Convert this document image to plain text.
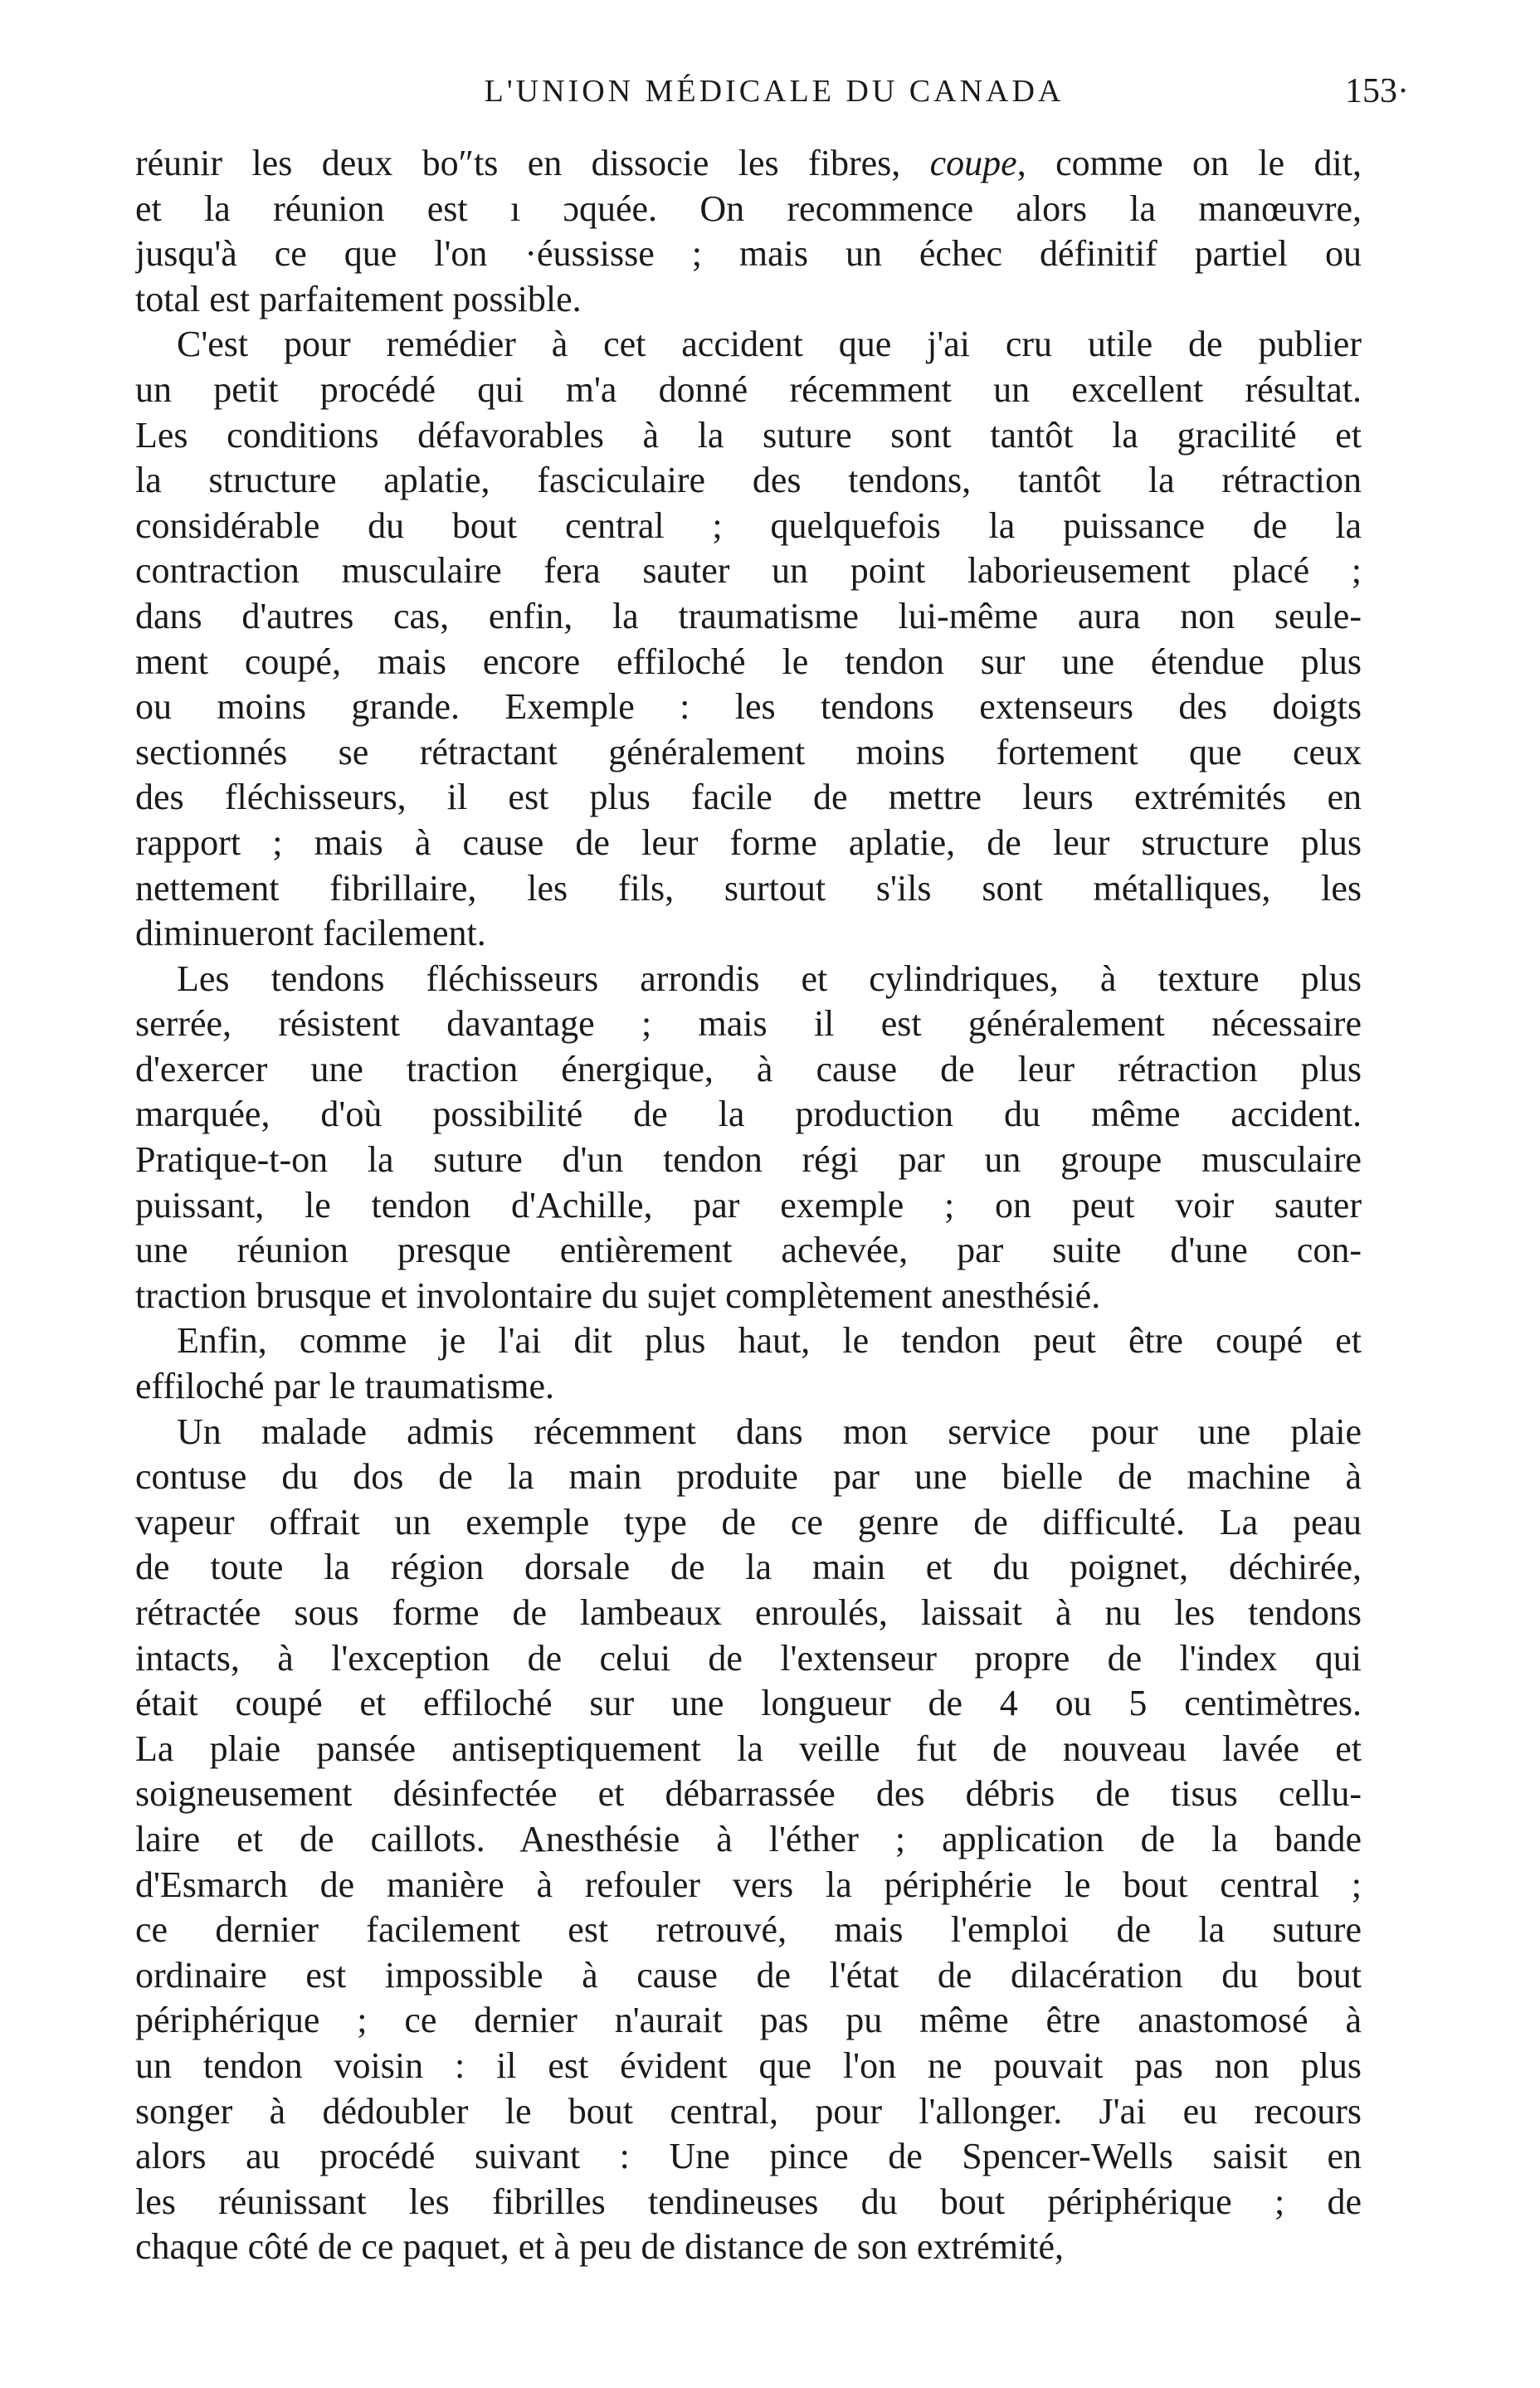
L'UNION MÉDICALE DU CANADA	153·
réunir les deux bo″ts en dissocie les fibres, coupe, comme on le dit,
et la réunion est ı ɔquée. On recommence alors la manœuvre,
jusqu'à ce que l'on ·éussisse ; mais un échec définitif partiel ou
total est parfaitement possible.
C'est pour remédier à cet accident que j'ai cru utile de publier
un petit procédé qui m'a donné récemment un excellent résultat.
Les conditions défavorables à la suture sont tantôt la gracilité et
la structure aplatie, fasciculaire des tendons, tantôt la rétraction
considérable du bout central ; quelquefois la puissance de la
contraction musculaire fera sauter un point laborieusement placé ;
dans d'autres cas, enfin, la traumatisme lui-même aura non seule-
ment coupé, mais encore effiloché le tendon sur une étendue plus
ou moins grande. Exemple : les tendons extenseurs des doigts
sectionnés se rétractant généralement moins fortement que ceux
des fléchisseurs, il est plus facile de mettre leurs extrémités en
rapport ; mais à cause de leur forme aplatie, de leur structure plus
nettement fibrillaire, les fils, surtout s'ils sont métalliques, les
diminueront facilement.
Les tendons fléchisseurs arrondis et cylindriques, à texture plus
serrée, résistent davantage ; mais il est généralement nécessaire
d'exercer une traction énergique, à cause de leur rétraction plus
marquée, d'où possibilité de la production du même accident.
Pratique-t-on la suture d'un tendon régi par un groupe musculaire
puissant, le tendon d'Achille, par exemple ; on peut voir sauter
une réunion presque entièrement achevée, par suite d'une con-
traction brusque et involontaire du sujet complètement anesthésié.
Enfin, comme je l'ai dit plus haut, le tendon peut être coupé et
effiloché par le traumatisme.
Un malade admis récemment dans mon service pour une plaie
contuse du dos de la main produite par une bielle de machine à
vapeur offrait un exemple type de ce genre de difficulté. La peau
de toute la région dorsale de la main et du poignet, déchirée,
rétractée sous forme de lambeaux enroulés, laissait à nu les tendons
intacts, à l'exception de celui de l'extenseur propre de l'index qui
était coupé et effiloché sur une longueur de 4 ou 5 centimètres.
La plaie pansée antiseptiquement la veille fut de nouveau lavée et
soigneusement désinfectée et débarrassée des débris de tisus cellu-
laire et de caillots. Anesthésie à l'éther ; application de la bande
d'Esmarch de manière à refouler vers la périphérie le bout central ;
ce dernier facilement est retrouvé, mais l'emploi de la suture
ordinaire est impossible à cause de l'état de dilacération du bout
périphérique ; ce dernier n'aurait pas pu même être anastomosé à
un tendon voisin : il est évident que l'on ne pouvait pas non plus
songer à dédoubler le bout central, pour l'allonger. J'ai eu recours
alors au procédé suivant : Une pince de Spencer-Wells saisit en
les réunissant les fibrilles tendineuses du bout périphérique ; de
chaque côté de ce paquet, et à peu de distance de son extrémité,
